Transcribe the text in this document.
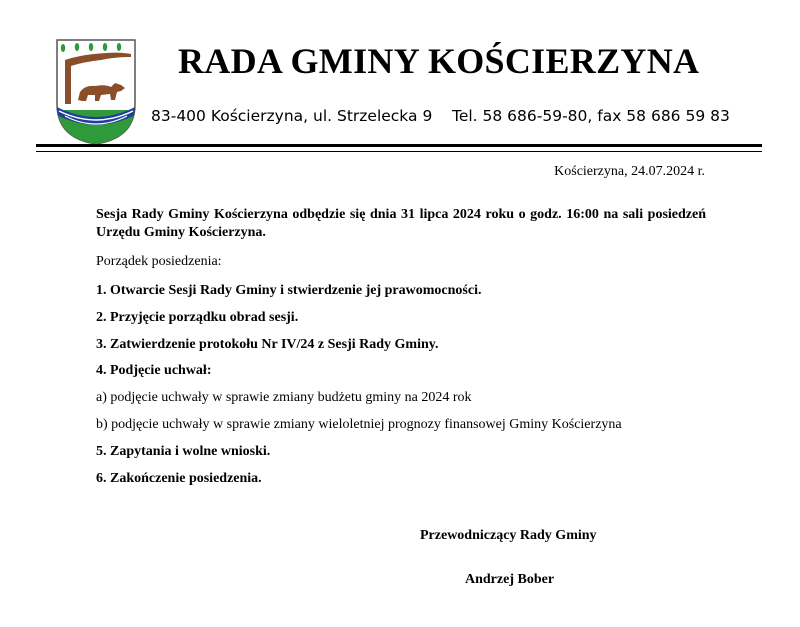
RADA GMINY KOŚCIERZYNA
83-400 Kościerzyna, ul. Strzelecka 9 Tel. 58 686-59-80, fax 58 686 59 83
Kościerzyna, 24.07.2024 r.
Sesja Rady Gminy Kościerzyna odbędzie się dnia 31 lipca 2024 roku o godz. 16:00 na sali posiedzeń Urzędu Gminy Kościerzyna.
Porządek posiedzenia:
1. Otwarcie Sesji Rady Gminy i stwierdzenie jej prawomocności.
2. Przyjęcie porządku obrad sesji.
3. Zatwierdzenie protokołu Nr IV/24 z Sesji Rady Gminy.
4. Podjęcie uchwał:
a) podjęcie uchwały w sprawie zmiany budżetu gminy na 2024 rok
b) podjęcie uchwały w sprawie zmiany wieloletniej prognozy finansowej Gminy Kościerzyna
5. Zapytania i wolne wnioski.
6. Zakończenie posiedzenia.
Przewodniczący Rady Gminy
Andrzej Bober
